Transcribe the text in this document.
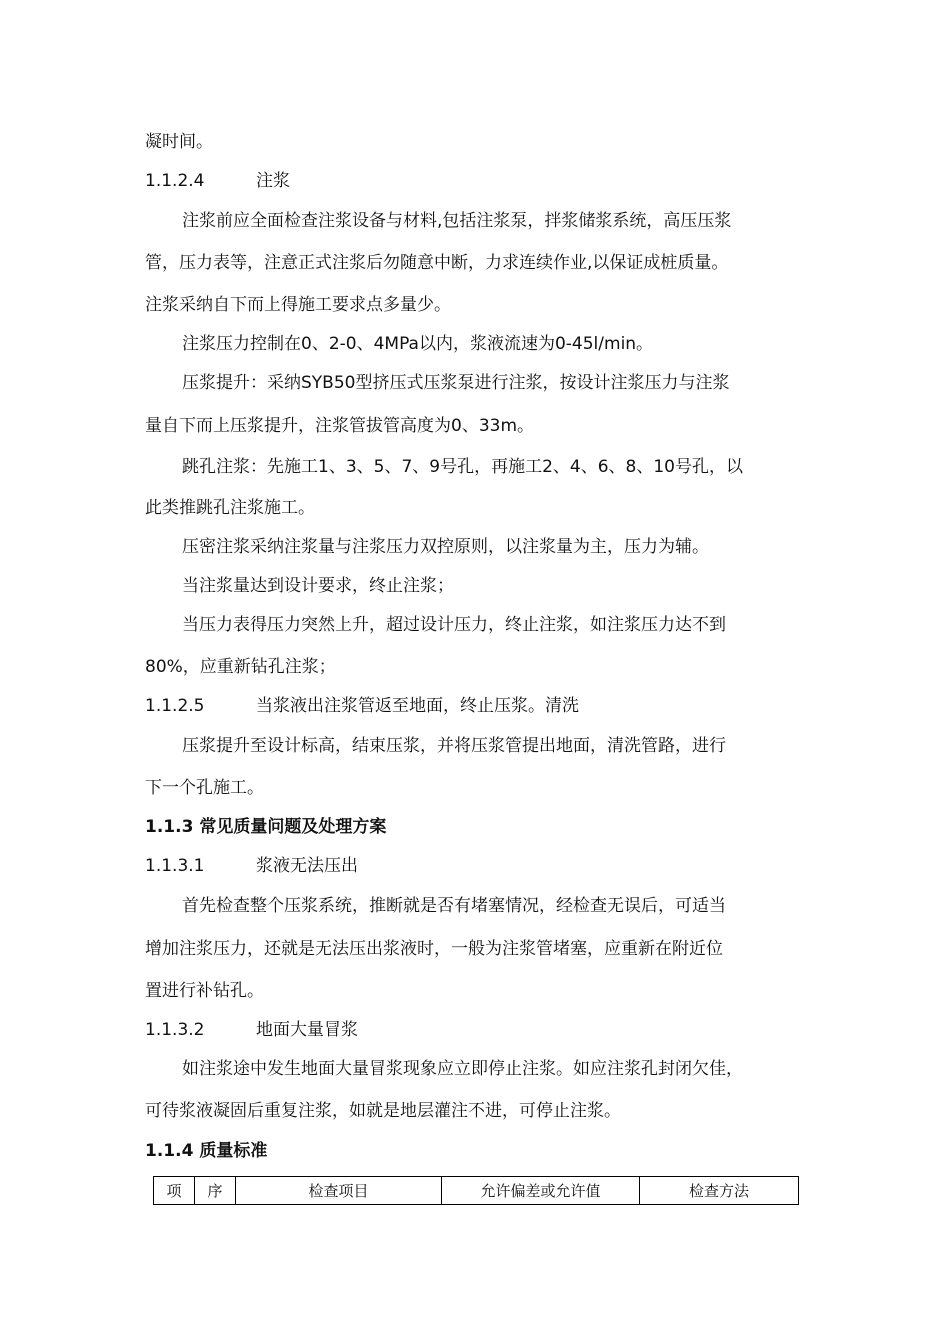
凝时间。
1.1.2.4	注浆
注浆前应全面检查注浆设备与材料,包括注浆泵，拌浆储浆系统，高压压浆
管，压力表等，注意正式注浆后勿随意中断，力求连续作业,以保证成桩质量。
注浆采纳自下而上得施工要求点多量少。
注浆压力控制在0、2-0、4MPa以内，浆液流速为0-45l/min。
压浆提升：采纳SYB50型挤压式压浆泵进行注浆，按设计注浆压力与注浆
量自下而上压浆提升，注浆管拔管高度为0、33m。
跳孔注浆：先施工1、3、5、7、9号孔，再施工2、4、6、8、10号孔，以
此类推跳孔注浆施工。
压密注浆采纳注浆量与注浆压力双控原则，以注浆量为主，压力为辅。
当注浆量达到设计要求，终止注浆；
当压力表得压力突然上升，超过设计压力，终止注浆，如注浆压力达不到
80%，应重新钻孔注浆；
1.1.2.5	当浆液出注浆管返至地面，终止压浆。清洗
压浆提升至设计标高，结束压浆，并将压浆管提出地面，清洗管路，进行
下一个孔施工。
1.1.3 常见质量问题及处理方案
1.1.3.1	浆液无法压出
首先检查整个压浆系统，推断就是否有堵塞情况，经检查无误后，可适当
增加注浆压力，还就是无法压出浆液时，一般为注浆管堵塞，应重新在附近位
置进行补钻孔。
1.1.3.2	地面大量冒浆
如注浆途中发生地面大量冒浆现象应立即停止注浆。如应注浆孔封闭欠佳，
可待浆液凝固后重复注浆，如就是地层灌注不进，可停止注浆。
1.1.4 质量标准
项	序	检查项目	允许偏差或允许值	检查方法
